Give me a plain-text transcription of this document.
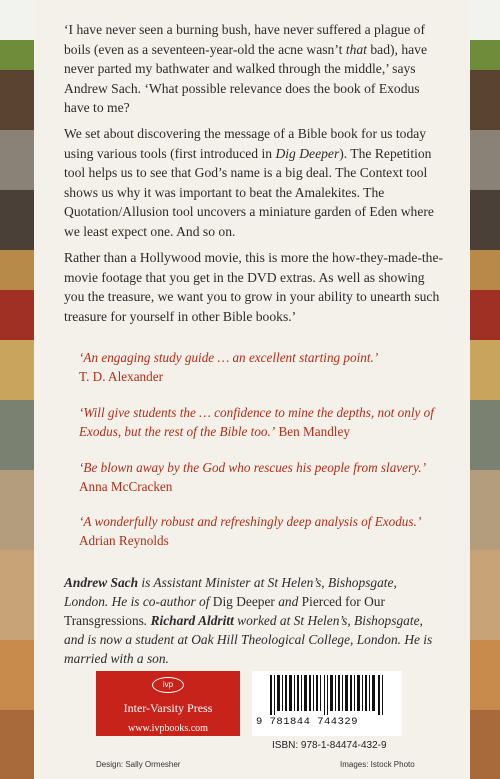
‘I have never seen a burning bush, have never suffered a plague of boils (even as a seventeen-year-old the acne wasn’t that bad), have never parted my bathwater and walked through the middle,’ says Andrew Sach. ‘What possible relevance does the book of Exodus have to me?

We set about discovering the message of a Bible book for us today using various tools (first introduced in Dig Deeper). The Repetition tool helps us to see that God’s name is a big deal. The Context tool shows us why it was important to beat the Amalekites. The Quotation/Allusion tool uncovers a miniature garden of Eden where we least expect one. And so on.

Rather than a Hollywood movie, this is more the how-they-made-the-movie footage that you get in the DVD extras. As well as showing you the treasure, we want you to grow in your ability to unearth such treasure for yourself in other Bible books.’

‘An engaging study guide … an excellent starting point.’
T. D. Alexander

‘Will give students the … confidence to mine the depths, not only of Exodus, but the rest of the Bible too.’ Ben Mandley

‘Be blown away by the God who rescues his people from slavery.’ Anna McCracken

‘A wonderfully robust and refreshingly deep analysis of Exodus.’ Adrian Reynolds

Andrew Sach is Assistant Minister at St Helen’s, Bishopsgate, London. He is co-author of Dig Deeper and Pierced for Our Transgressions. Richard Aldritt worked at St Helen’s, Bishopsgate, and is now a student at Oak Hill Theological College, London. He is married with a son.

ivp
Inter-Varsity Press
www.ivpbooks.com
9 781844 744329
ISBN: 978-1-84474-432-9
Design: Sally Ormesher	Images: Istock Photo
